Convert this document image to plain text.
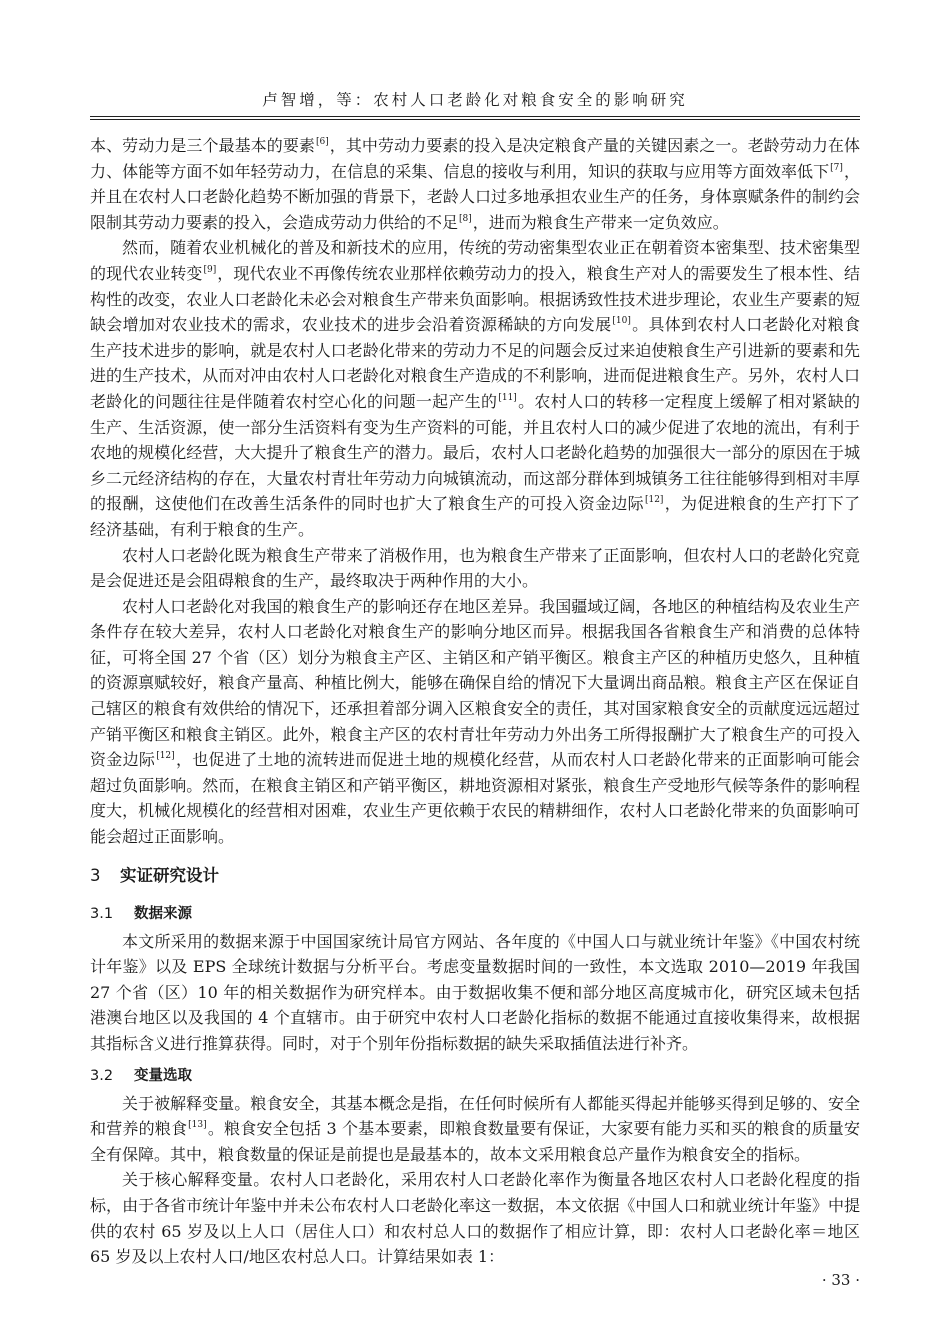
卢智增，等：农村人口老龄化对粮食安全的影响研究

本、劳动力是三个最基本的要素[6]，其中劳动力要素的投入是决定粮食产量的关键因素之一。老龄劳动力在体力、体能等方面不如年轻劳动力，在信息的采集、信息的接收与利用，知识的获取与应用等方面效率低下[7]，并且在农村人口老龄化趋势不断加强的背景下，老龄人口过多地承担农业生产的任务，身体禀赋条件的制约会限制其劳动力要素的投入，会造成劳动力供给的不足[8]，进而为粮食生产带来一定负效应。

然而，随着农业机械化的普及和新技术的应用，传统的劳动密集型农业正在朝着资本密集型、技术密集型的现代农业转变[9]，现代农业不再像传统农业那样依赖劳动力的投入，粮食生产对人的需要发生了根本性、结构性的改变，农业人口老龄化未必会对粮食生产带来负面影响。根据诱致性技术进步理论，农业生产要素的短缺会增加对农业技术的需求，农业技术的进步会沿着资源稀缺的方向发展[10]。具体到农村人口老龄化对粮食生产技术进步的影响，就是农村人口老龄化带来的劳动力不足的问题会反过来迫使粮食生产引进新的要素和先进的生产技术，从而对冲由农村人口老龄化对粮食生产造成的不利影响，进而促进粮食生产。另外，农村人口老龄化的问题往往是伴随着农村空心化的问题一起产生的[11]。农村人口的转移一定程度上缓解了相对紧缺的生产、生活资源，使一部分生活资料有变为生产资料的可能，并且农村人口的减少促进了农地的流出，有利于农地的规模化经营，大大提升了粮食生产的潜力。最后，农村人口老龄化趋势的加强很大一部分的原因在于城乡二元经济结构的存在，大量农村青壮年劳动力向城镇流动，而这部分群体到城镇务工往往能够得到相对丰厚的报酬，这使他们在改善生活条件的同时也扩大了粮食生产的可投入资金边际[12]，为促进粮食的生产打下了经济基础，有利于粮食的生产。

农村人口老龄化既为粮食生产带来了消极作用，也为粮食生产带来了正面影响，但农村人口的老龄化究竟是会促进还是会阻碍粮食的生产，最终取决于两种作用的大小。

农村人口老龄化对我国的粮食生产的影响还存在地区差异。我国疆域辽阔，各地区的种植结构及农业生产条件存在较大差异，农村人口老龄化对粮食生产的影响分地区而异。根据我国各省粮食生产和消费的总体特征，可将全国 27 个省（区）划分为粮食主产区、主销区和产销平衡区。粮食主产区的种植历史悠久，且种植的资源禀赋较好，粮食产量高、种植比例大，能够在确保自给的情况下大量调出商品粮。粮食主产区在保证自己辖区的粮食有效供给的情况下，还承担着部分调入区粮食安全的责任，其对国家粮食安全的贡献度远远超过产销平衡区和粮食主销区。此外，粮食主产区的农村青壮年劳动力外出务工所得报酬扩大了粮食生产的可投入资金边际[12]，也促进了土地的流转进而促进土地的规模化经营，从而农村人口老龄化带来的正面影响可能会超过负面影响。然而，在粮食主销区和产销平衡区，耕地资源相对紧张，粮食生产受地形气候等条件的影响程度大，机械化规模化的经营相对困难，农业生产更依赖于农民的精耕细作，农村人口老龄化带来的负面影响可能会超过正面影响。

3 实证研究设计
3.1 数据来源

本文所采用的数据来源于中国国家统计局官方网站、各年度的《中国人口与就业统计年鉴》《中国农村统计年鉴》以及 EPS 全球统计数据与分析平台。考虑变量数据时间的一致性，本文选取 2010—2019 年我国 27 个省（区）10 年的相关数据作为研究样本。由于数据收集不便和部分地区高度城市化，研究区域未包括港澳台地区以及我国的 4 个直辖市。由于研究中农村人口老龄化指标的数据不能通过直接收集得来，故根据其指标含义进行推算获得。同时，对于个别年份指标数据的缺失采取插值法进行补齐。

3.2 变量选取

关于被解释变量。粮食安全，其基本概念是指，在任何时候所有人都能买得起并能够买得到足够的、安全和营养的粮食[13]。粮食安全包括 3 个基本要素，即粮食数量要有保证，大家要有能力买和买的粮食的质量安全有保障。其中，粮食数量的保证是前提也是最基本的，故本文采用粮食总产量作为粮食安全的指标。

关于核心解释变量。农村人口老龄化，采用农村人口老龄化率作为衡量各地区农村人口老龄化程度的指标，由于各省市统计年鉴中并未公布农村人口老龄化率这一数据，本文依据《中国人口和就业统计年鉴》中提供的农村 65 岁及以上人口（居住人口）和农村总人口的数据作了相应计算，即：农村人口老龄化率＝地区 65 岁及以上农村人口/地区农村总人口。计算结果如表 1：

· 33 ·
